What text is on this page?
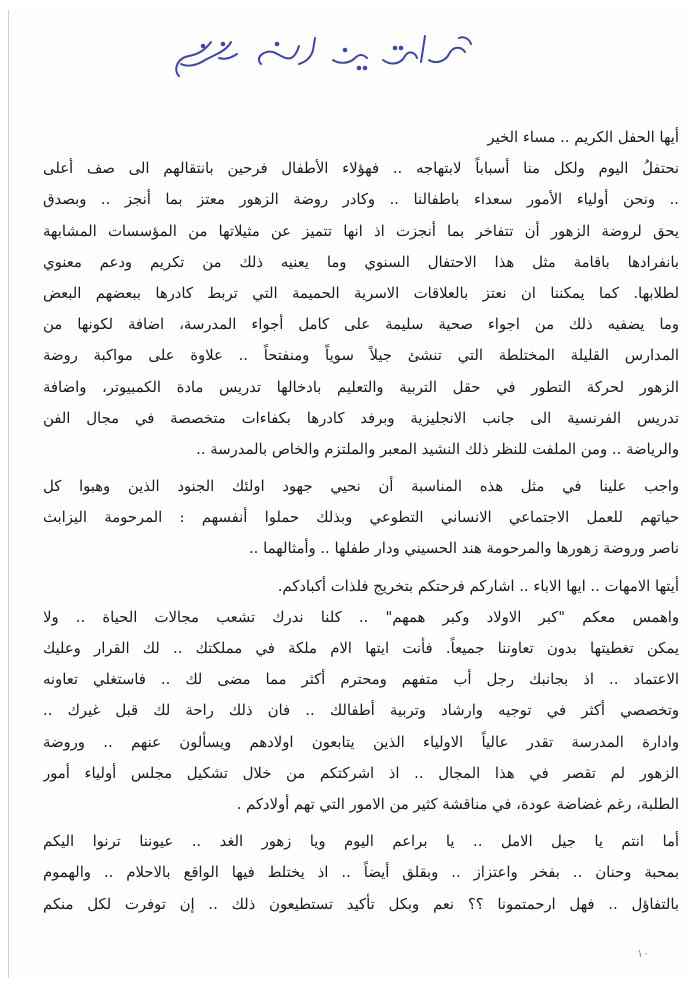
أيها الحفل الكريم .. مساء الخير
نحتفلُ اليوم ولكل منا أسباباً لابتهاجه .. فهؤلاء الأطفال فرحين بانتقالهم الى صف أعلى
.. ونحن أولياء الأمور سعداء باطفالنا .. وكادر روضة الزهور معتز بما أنجز .. وبصدق
يحق لروضة الزهور أن تتفاخر بما أنجزت اذ انها تتميز عن مثيلاتها من المؤسسات المشابهة
بانفرادها باقامة مثل هذا الاحتفال السنوي وما يعنيه ذلك من تكريم ودعم معنوي
لطلابها. كما يمكننا ان نعتز بالعلاقات الاسرية الحميمة التي تربط كادرها ببعضهم البعض
وما يضفيه ذلك من اجواء صحية سليمة على كامل أجواء المدرسة، اضافة لكونها من
المدارس القليلة المختلطة التي تنشئ جيلاً سوياً ومنفتحاً .. علاوة على مواكبة روضة
الزهور لحركة التطور في حقل التربية والتعليم بادخالها تدريس مادة الكمبيوتر، واضافة
تدريس الفرنسية الى جانب الانجليزية وبرفد كادرها بكفاءات متخصصة في مجال الفن
والرياضة .. ومن الملفت للنظر ذلك النشيد المعبر والملتزم والخاص بالمدرسة ..
واجب علينا في مثل هذه المناسبة أن نحيي جهود اولئك الجنود الذين وهبوا كل
حياتهم للعمل الاجتماعي الانساني التطوعي وبذلك حملوا أنفسهم : المرحومة اليزابث
ناصر وروضة زهورها والمرحومة هند الحسيني ودار طفلها .. وأمثالهما ..
أيتها الامهات .. ايها الاباء .. اشاركم فرحتكم بتخريج فلذات أكبادكم.
واهمس معكم "كبر الاولاد وكبر همهم" .. كلنا ندرك تشعب مجالات الحياة .. ولا
يمكن تغطيتها بدون تعاوننا جميعاً. فأنت ايتها الام ملكة في مملكتك .. لك القرار وعليك
الاعتماد .. اذ بجانبك رجل أب متفهم ومحترم أكثر مما مضى لك .. فاستغلي تعاونه
وتخصصي أكثر في توجيه وارشاد وتربية أطفالك .. فان ذلك راحة لك قبل غيرك ..
وادارة المدرسة تقدر عالياً الاولياء الذين يتابعون اولادهم ويسألون عنهم .. وروضة
الزهور لم تقصر في هذا المجال .. اذ اشركتكم من خلال تشكيل مجلس أولياء أمور
الطلبة، رغم غضاضة عودة، في مناقشة كثير من الامور التي تهم أولادكم .
أما انتم يا جيل الامل .. يا براعم اليوم ويا زهور الغد .. عيوننا ترنوا اليكم
بمحبة وحنان .. بفخر واعتزاز .. وبقلق أيضاً .. اذ يختلط فيها الواقع بالاحلام .. والهموم
بالتفاؤل .. فهل ارحمتمونا ؟؟ نعم وبكل تأكيد تستطيعون ذلك .. إن توفرت لكل منكم
١٠
